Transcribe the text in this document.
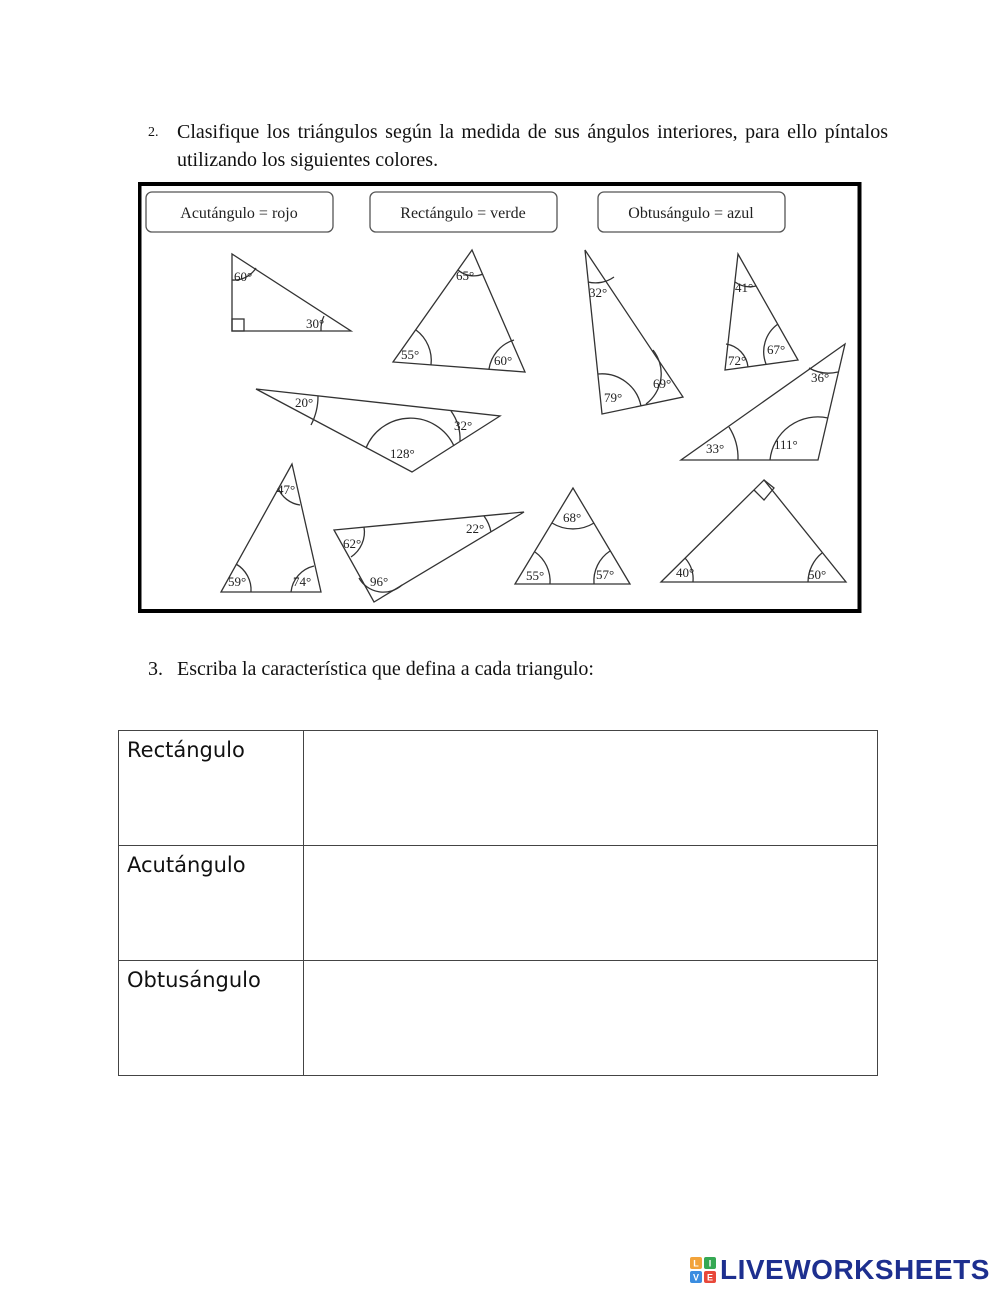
2. Clasifique los triángulos según la medida de sus ángulos interiores, para ello píntalos utilizando los siguientes colores.
Acutángulo = rojo	Rectángulo = verde	Obtusángulo = azul
60°
30°
65°
55°	60°
32°
79°
69°
41°
72°
67°
20°
32°
128°
36°
33°	111°
47°
59°	74°
62°
22°
96°
68°
55°	57°	40°	50°
3. Escriba la característica que defina a cada triangulo:
Rectángulo	
Acutángulo	
Obtusángulo	
L I
V E LIVEWORKSHEETS
